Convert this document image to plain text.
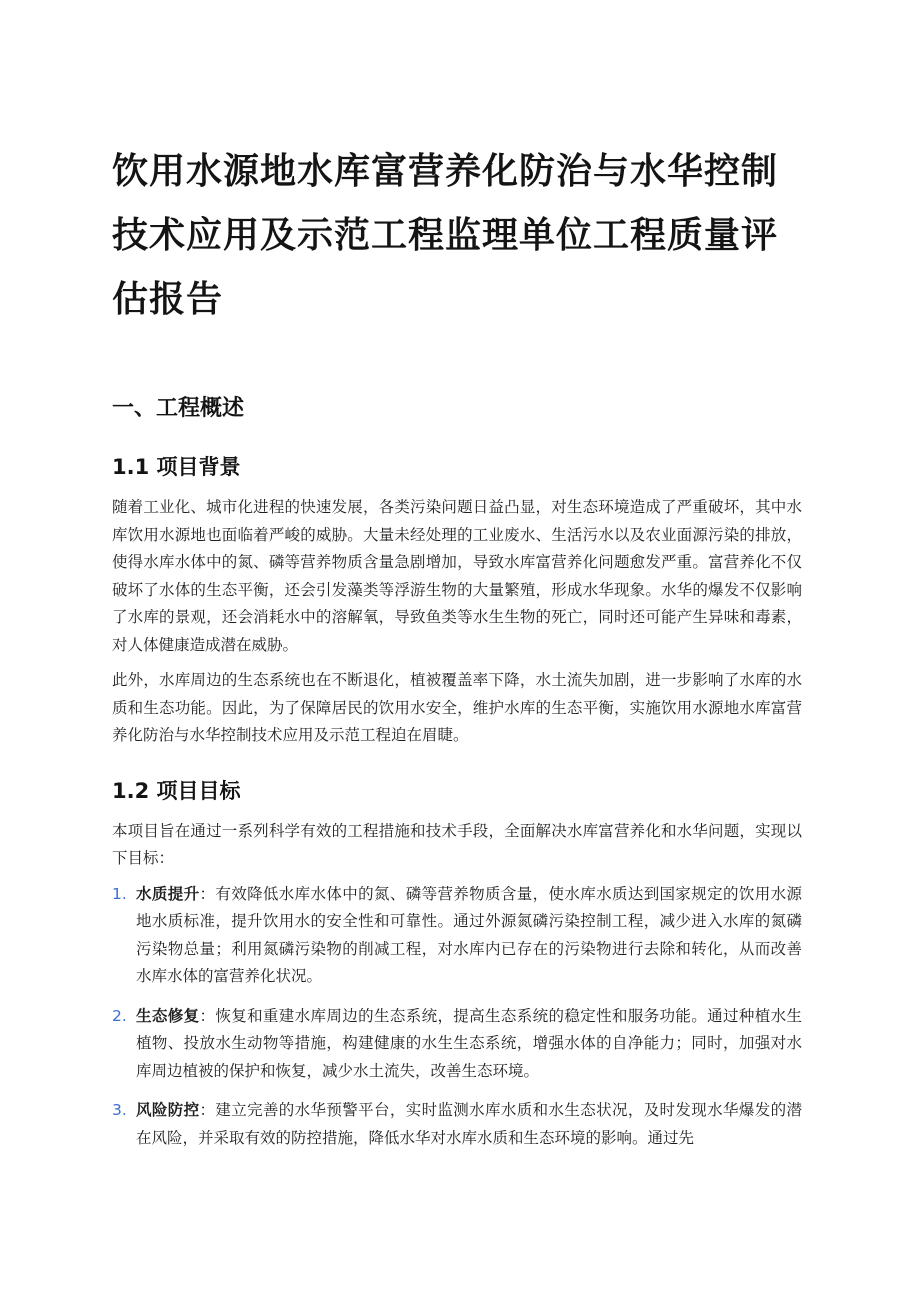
饮用水源地水库富营养化防治与水华控制技术应用及示范工程监理单位工程质量评估报告
一、工程概述
1.1 项目背景

随着工业化、城市化进程的快速发展，各类污染问题日益凸显，对生态环境造成了严重破坏，其中水库饮用水源地也面临着严峻的威胁。大量未经处理的工业废水、生活污水以及农业面源污染的排放，使得水库水体中的氮、磷等营养物质含量急剧增加，导致水库富营养化问题愈发严重。富营养化不仅破坏了水体的生态平衡，还会引发藻类等浮游生物的大量繁殖，形成水华现象。水华的爆发不仅影响了水库的景观，还会消耗水中的溶解氧，导致鱼类等水生生物的死亡，同时还可能产生异味和毒素，对人体健康造成潜在威胁。

此外，水库周边的生态系统也在不断退化，植被覆盖率下降，水土流失加剧，进一步影响了水库的水质和生态功能。因此，为了保障居民的饮用水安全，维护水库的生态平衡，实施饮用水源地水库富营养化防治与水华控制技术应用及示范工程迫在眉睫。

1.2 项目目标

本项目旨在通过一系列科学有效的工程措施和技术手段，全面解决水库富营养化和水华问题，实现以下目标：

1. 水质提升：有效降低水库水体中的氮、磷等营养物质含量，使水库水质达到国家规定的饮用水源地水质标准，提升饮用水的安全性和可靠性。通过外源氮磷污染控制工程，减少进入水库的氮磷污染物总量；利用氮磷污染物的削减工程，对水库内已存在的污染物进行去除和转化，从而改善水库水体的富营养化状况。
2. 生态修复：恢复和重建水库周边的生态系统，提高生态系统的稳定性和服务功能。通过种植水生植物、投放水生动物等措施，构建健康的水生生态系统，增强水体的自净能力；同时，加强对水库周边植被的保护和恢复，减少水土流失，改善生态环境。
3. 风险防控：建立完善的水华预警平台，实时监测水库水质和水生态状况，及时发现水华爆发的潜在风险，并采取有效的防控措施，降低水华对水库水质和生态环境的影响。通过先
